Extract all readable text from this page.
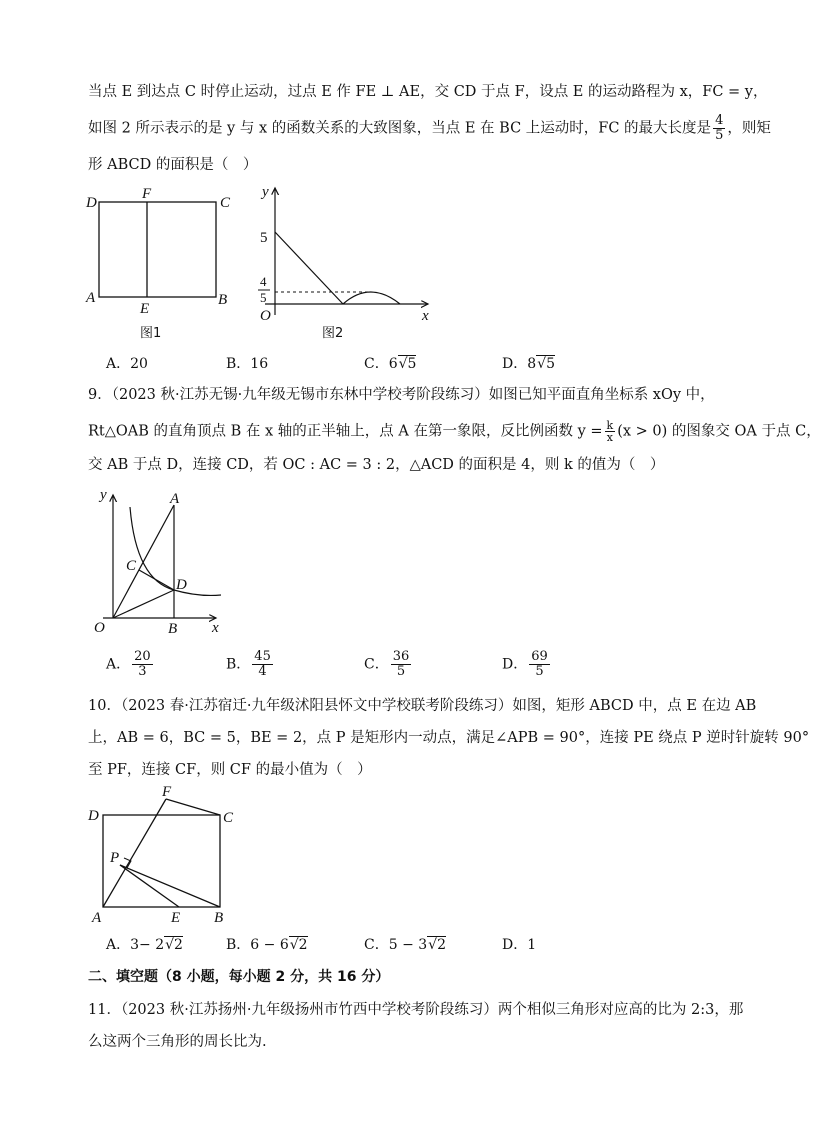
当点 E 到达点 C 时停止运动，过点 E 作 FE ⊥ AE，交 CD 于点 F，设点 E 的运动路程为 x，FC = y，
如图 2 所示表示的是 y 与 x 的函数关系的大致图象，当点 E 在 BC 上运动时，FC 的最大长度是 $\frac{4}{5}$ ，则矩
形 ABCD 的面积是（　）
D
F
C
A
E
B
图1
y
5
4
5
O	x
图2
A．20	B．16	C．6√5	D．8√5
9．（2023 秋·江苏无锡·九年级无锡市东林中学校考阶段练习）如图已知平面直角坐标系 xOy 中，
Rt△OAB 的直角顶点 B 在 x 轴的正半轴上，点 A 在第一象限，反比例函数 $y = \frac{k}{x} (x > 0)$ 的图象交 OA 于点 C，
交 AB 于点 D，连接 CD，若 OC : AC = 3 : 2，△ACD 的面积是 4，则 k 的值为（　）
y	A
C
D
O	B x
A． $\frac{20}{3}$	B． $\frac{45}{4}$	C． $\frac{36}{5}$	D． $\frac{69}{5}$
10．（2023 春·江苏宿迁·九年级沭阳县怀文中学校联考阶段练习）如图，矩形 ABCD 中，点 E 在边 AB
上，AB = 6，BC = 5，BE = 2，点 P 是矩形内一动点，满足∠APB = 90°，连接 PE 绕点 P 逆时针旋转 90°
至 PF，连接 CF，则 CF 的最小值为（　）
F
D	C
P
A	E B
A．3− 2√2	B．6 − 6√2	C．5 − 3√2	D．1
二、填空题（8 小题，每小题 2 分，共 16 分）
11．（2023 秋·江苏扬州·九年级扬州市竹西中学校考阶段练习）两个相似三角形对应高的比为 2:3，那
么这两个三角形的周长比为.
